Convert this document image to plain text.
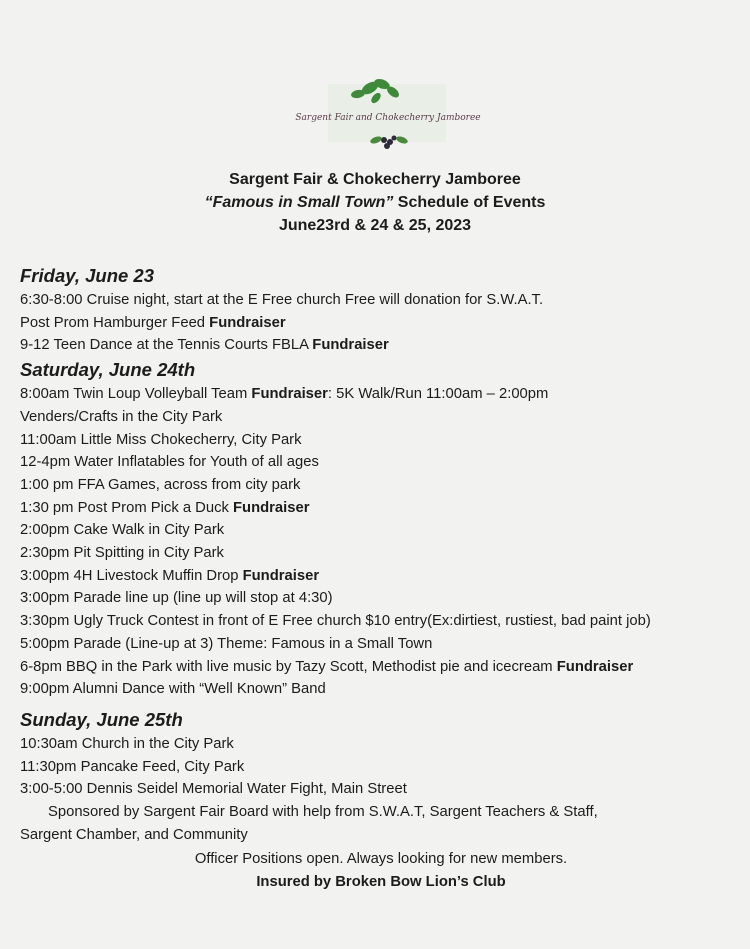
Sargent Fair and Chokecherry Jamboree
Sargent Fair & Chokecherry Jamboree
“Famous in Small Town” Schedule of Events
June23rd & 24 & 25, 2023
Friday, June 23
6:30-8:00 Cruise night, start at the E Free church Free will donation for S.W.A.T.
Post Prom Hamburger Feed Fundraiser
9-12 Teen Dance at the Tennis Courts FBLA Fundraiser
Saturday, June 24th
8:00am Twin Loup Volleyball Team Fundraiser: 5K Walk/Run 11:00am – 2:00pm
Venders/Crafts in the City Park
11:00am Little Miss Chokecherry, City Park
12-4pm Water Inflatables for Youth of all ages
1:00 pm FFA Games, across from city park
1:30 pm Post Prom Pick a Duck Fundraiser
2:00pm Cake Walk in City Park
2:30pm Pit Spitting in City Park
3:00pm 4H Livestock Muffin Drop Fundraiser
3:00pm Parade line up (line up will stop at 4:30)
3:30pm Ugly Truck Contest in front of E Free church $10 entry(Ex:dirtiest, rustiest, bad paint job)
5:00pm Parade (Line-up at 3) Theme: Famous in a Small Town
6-8pm BBQ in the Park with live music by Tazy Scott, Methodist pie and icecream Fundraiser
9:00pm Alumni Dance with “Well Known” Band
Sunday, June 25th
10:30am Church in the City Park
11:30pm Pancake Feed, City Park
3:00-5:00 Dennis Seidel Memorial Water Fight, Main Street
Sponsored by Sargent Fair Board with help from S.W.A.T, Sargent Teachers & Staff,
Sargent Chamber, and Community
Officer Positions open. Always looking for new members.
Insured by Broken Bow Lion’s Club
